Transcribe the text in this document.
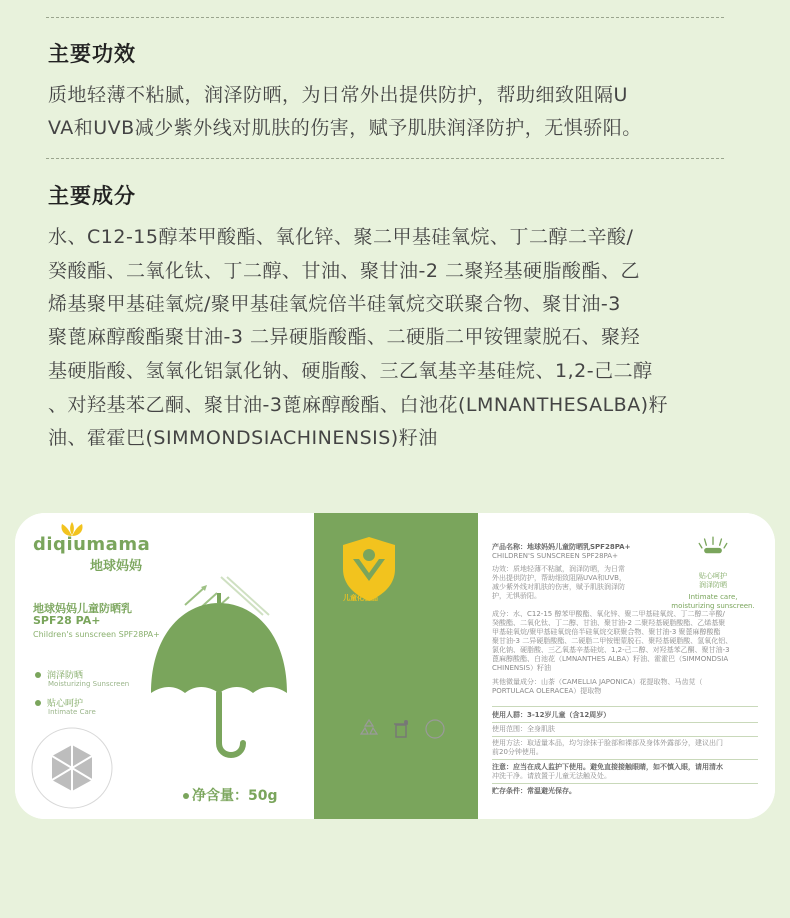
主要功效

质地轻薄不粘腻，润泽防晒，为日常外出提供防护，帮助细致阻隔U

VA和UVB减少紫外线对肌肤的伤害，赋予肌肤润泽防护，无惧骄阳。

主要成分

水、C12-15醇苯甲酸酯、氧化锌、聚二甲基硅氧烷、丁二醇二辛酸/

癸酸酯、二氧化钛、丁二醇、甘油、聚甘油-2 二聚羟基硬脂酸酯、乙

烯基聚甲基硅氧烷/聚甲基硅氧烷倍半硅氧烷交联聚合物、聚甘油-3

聚蓖麻醇酸酯聚甘油-3 二异硬脂酸酯、二硬脂二甲铵锂蒙脱石、聚羟

基硬脂酸、氢氧化铝氯化钠、硬脂酸、三乙氧基辛基硅烷、1,2-己二醇

、对羟基苯乙酮、聚甘油-3蓖麻醇酸酯、白池花(LMNANTHESALBA)籽

油、霍霍巴(SIMMONDSIACHINENSIS)籽油

diqiumama
地球妈妈
地球妈妈儿童防晒乳
SPF28 PA+
Children's sunscreen SPF28PA+
润泽防晒
Moisturizing Sunscreen
贴心呵护
Intimate Care
净含量：50g
儿童化妆品
产品名称：地球妈妈儿童防晒乳SPF28PA+
CHILDREN'S SUNSCREEN SPF28PA+
功效：质地轻薄不粘腻，润泽防晒，为日常
外出提供防护，帮助细致阻隔UVA和UVB，
减少紫外线对肌肤的伤害，赋予肌肤润泽防
护，无惧骄阳。
贴心呵护
润泽防晒
Intimate care,
moisturizing sunscreen.
成分：水、C12-15 醇苯甲酸酯、氧化锌、聚二甲基硅氧烷、丁二醇二辛酸/
癸酸酯、二氧化钛、丁二醇、甘油、聚甘油-2 二聚羟基硬脂酸酯、乙烯基聚
甲基硅氧烷/聚甲基硅氧烷倍半硅氧烷交联聚合物、聚甘油-3 聚蓖麻醇酸酯
聚甘油-3 二异硬脂酸酯、二硬脂二甲铵锂蒙脱石、聚羟基硬脂酸、氢氧化铝、
氯化钠、硬脂酸、三乙氧基辛基硅烷、1,2-己二醇、对羟基苯乙酮、聚甘油-3
蓖麻醇酸酯、白池花（LMNANTHES ALBA）籽油、霍霍巴（SIMMONDSIA
CHINENSIS）籽油
其他微量成分：山茶（CAMELLIA JAPONICA）花提取物、马齿苋（
PORTULACA OLERACEA）提取物
使用人群：3-12岁儿童（含12周岁）
使用范围：全身肌肤
使用方法：取适量本品，均匀涂抹于脸部和裸部及身体外露部分，建议出门
前20分钟使用。
注意：应当在成人监护下使用。避免直接接触眼睛，如不慎入眼，请用清水
冲洗干净。请放置于儿童无法触及处。
贮存条件：常温避光保存。
